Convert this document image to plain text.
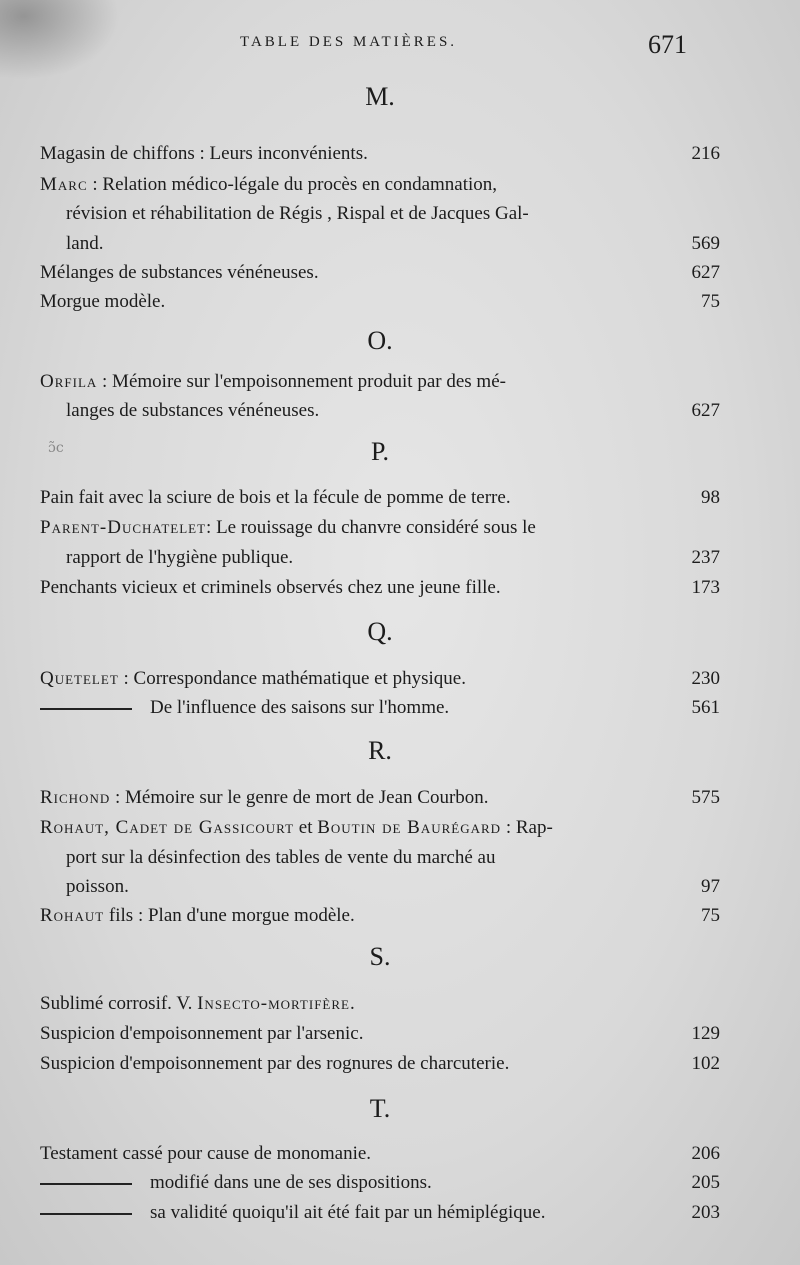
TABLE DES MATIÈRES.	671
M.
Magasin de chiffons : Leurs inconvénients.	216
Marc : Relation médico-légale du procès en condamnation,
révision et réhabilitation de Régis , Rispal et de Jacques Gal-
land.	569
Mélanges de substances vénéneuses.	627
Morgue modèle.	75
O.
Orfila : Mémoire sur l'empoisonnement produit par des mé-
langes de substances vénéneuses.	627
ɔ̃c	P.
Pain fait avec la sciure de bois et la fécule de pomme de terre.	98
Parent-Duchatelet: Le rouissage du chanvre considéré sous le
rapport de l'hygiène publique.	237
Penchants vicieux et criminels observés chez une jeune fille.	173
Q.
Quetelet : Correspondance mathématique et physique.	230
De l'influence des saisons sur l'homme.	561
R.
Richond : Mémoire sur le genre de mort de Jean Courbon.	575
Rohaut, Cadet de Gassicourt et Boutin de Baurégard : Rap-
port sur la désinfection des tables de vente du marché au
poisson.	97
Rohaut fils : Plan d'une morgue modèle.	75
S.
Sublimé corrosif. V. Insecto-mortifère.
Suspicion d'empoisonnement par l'arsenic.	129
Suspicion d'empoisonnement par des rognures de charcuterie.	102
T.
Testament cassé pour cause de monomanie.	206
modifié dans une de ses dispositions.	205
sa validité quoiqu'il ait été fait par un hémiplégique.	203
